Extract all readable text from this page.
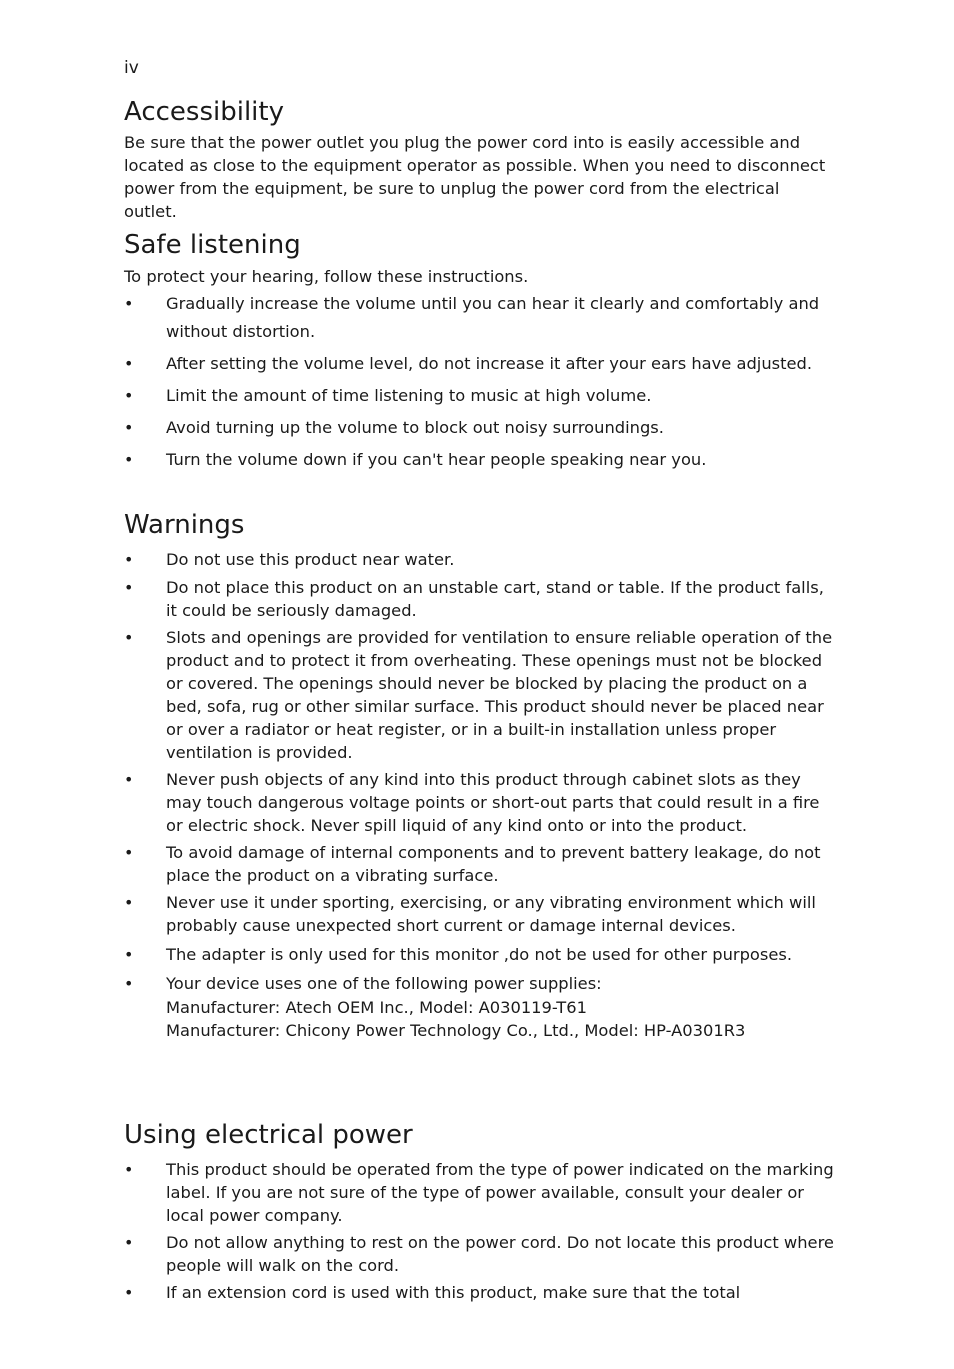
iv
Accessibility

Be sure that the power outlet you plug the power cord into is easily accessible and located as close to the equipment operator as possible. When you need to disconnect power from the equipment, be sure to unplug the power cord from the electrical outlet.

Safe listening

To protect your hearing, follow these instructions.

• Gradually increase the volume until you can hear it clearly and comfortably and without distortion.
• After setting the volume level, do not increase it after your ears have adjusted.
• Limit the amount of time listening to music at high volume.
• Avoid turning up the volume to block out noisy surroundings.
• Turn the volume down if you can't hear people speaking near you.
Warnings
• Do not use this product near water.
• Do not place this product on an unstable cart, stand or table. If the product falls, it could be seriously damaged.
• Slots and openings are provided for ventilation to ensure reliable operation of the product and to protect it from overheating. These openings must not be blocked or covered. The openings should never be blocked by placing the product on a bed, sofa, rug or other similar surface. This product should never be placed near or over a radiator or heat register, or in a built-in installation unless proper ventilation is provided.
• Never push objects of any kind into this product through cabinet slots as they may touch dangerous voltage points or short-out parts that could result in a fire or electric shock. Never spill liquid of any kind onto or into the product.
• To avoid damage of internal components and to prevent battery leakage, do not place the product on a vibrating surface.
• Never use it under sporting, exercising, or any vibrating environment which will probably cause unexpected short current or damage internal devices.
• The adapter is only used for this monitor ,do not be used for other purposes.
• Your device uses one of the following power supplies:
Manufacturer: Atech OEM Inc., Model: A030119-T61
Manufacturer: Chicony Power Technology Co., Ltd., Model: HP-A0301R3
Using electrical power
• This product should be operated from the type of power indicated on the marking label. If you are not sure of the type of power available, consult your dealer or local power company.
• Do not allow anything to rest on the power cord. Do not locate this product where people will walk on the cord.
• If an extension cord is used with this product, make sure that the total
